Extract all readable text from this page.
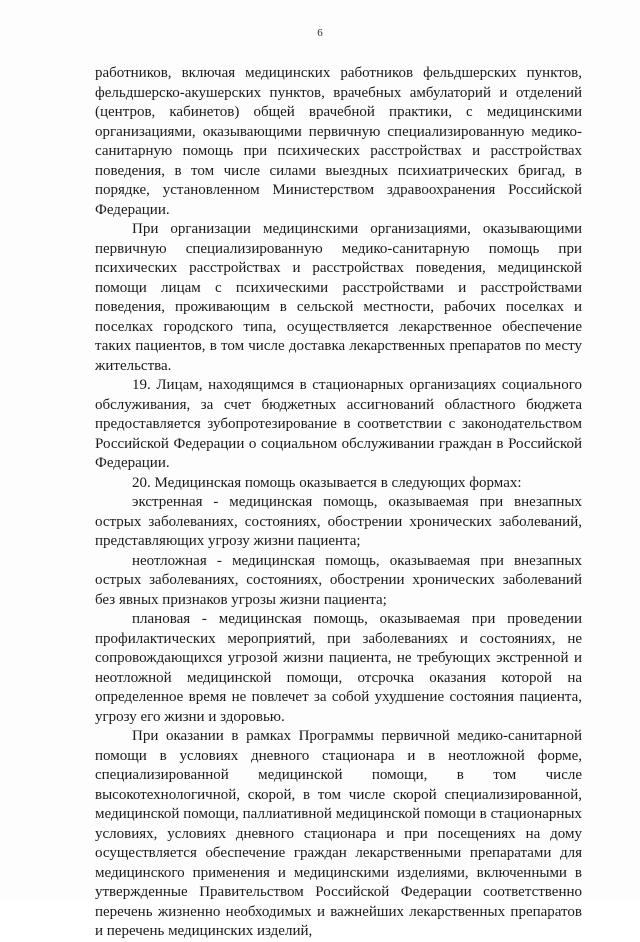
6

работников, включая медицинских работников фельдшерских пунктов, фельдшерско-акушерских пунктов, врачебных амбулаторий и отделений (центров, кабинетов) общей врачебной практики, с медицинскими организациями, оказывающими первичную специализированную медико-санитарную помощь при психических расстройствах и расстройствах поведения, в том числе силами выездных психиатрических бригад, в порядке, установленном Министерством здравоохранения Российской Федерации.

При организации медицинскими организациями, оказывающими первичную специализированную медико-санитарную помощь при психических расстройствах и расстройствах поведения, медицинской помощи лицам с психическими расстройствами и расстройствами поведения, проживающим в сельской местности, рабочих поселках и поселках городского типа, осуществляется лекарственное обеспечение таких пациентов, в том числе доставка лекарственных препаратов по месту жительства.

19. Лицам, находящимся в стационарных организациях социального обслуживания, за счет бюджетных ассигнований областного бюджета предоставляется зубопротезирование в соответствии с законодательством Российской Федерации о социальном обслуживании граждан в Российской Федерации.

20. Медицинская помощь оказывается в следующих формах:

экстренная - медицинская помощь, оказываемая при внезапных острых заболеваниях, состояниях, обострении хронических заболеваний, представляющих угрозу жизни пациента;

неотложная - медицинская помощь, оказываемая при внезапных острых заболеваниях, состояниях, обострении хронических заболеваний без явных признаков угрозы жизни пациента;

плановая - медицинская помощь, оказываемая при проведении профилактических мероприятий, при заболеваниях и состояниях, не сопровождающихся угрозой жизни пациента, не требующих экстренной и неотложной медицинской помощи, отсрочка оказания которой на определенное время не повлечет за собой ухудшение состояния пациента, угрозу его жизни и здоровью.

При оказании в рамках Программы первичной медико-санитарной помощи в условиях дневного стационара и в неотложной форме, специализированной медицинской помощи, в том числе высокотехнологичной, скорой, в том числе скорой специализированной, медицинской помощи, паллиативной медицинской помощи в стационарных условиях, условиях дневного стационара и при посещениях на дому осуществляется обеспечение граждан лекарственными препаратами для медицинского применения и медицинскими изделиями, включенными в утвержденные Правительством Российской Федерации соответственно перечень жизненно необходимых и важнейших лекарственных препаратов и перечень медицинских изделий,
